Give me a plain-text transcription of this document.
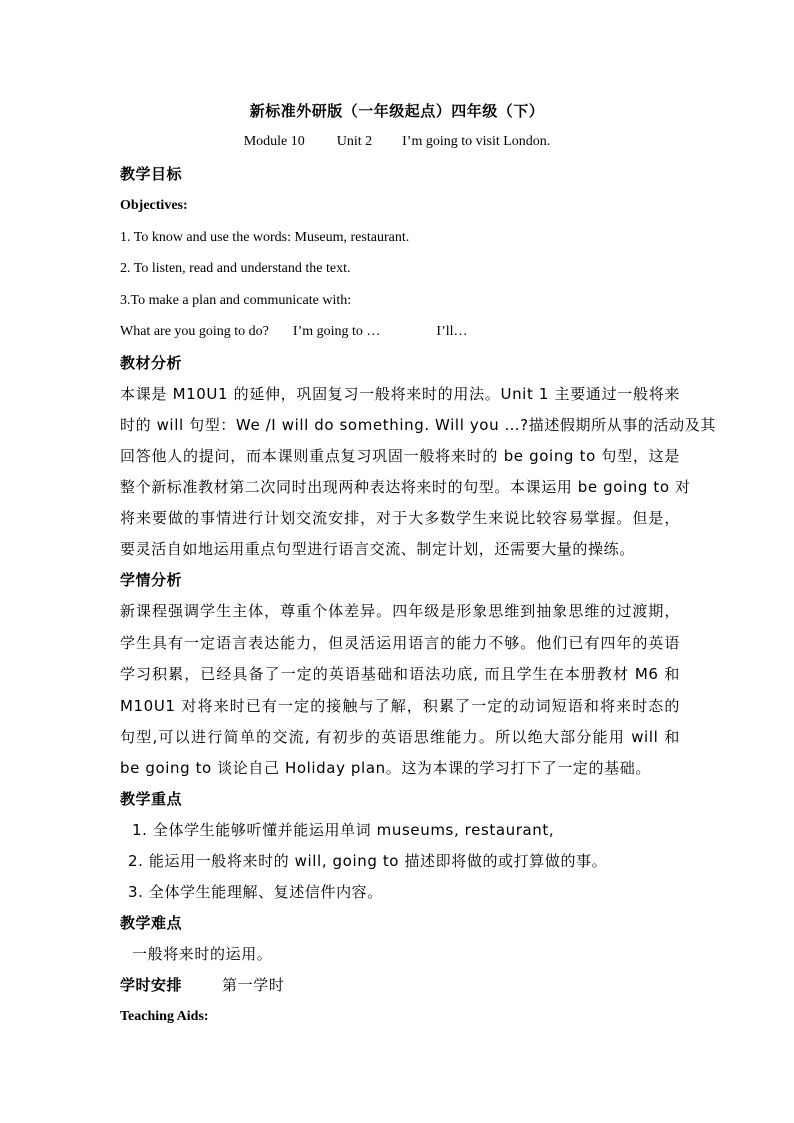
新标准外研版（一年级起点）四年级（下）
Module 10 Unit 2 I’m going to visit London.
教学目标
Objectives:
1. To know and use the words: Museum, restaurant.
2. To listen, read and understand the text.
3.To make a plan and communicate with:
What are you going to do? I’m going to …	I’ll…
教材分析
本课是 M10U1 的延伸，巩固复习一般将来时的用法。Unit 1 主要通过一般将来
时的 will 句型：We /I will do something. Will you …?描述假期所从事的活动及其
回答他人的提问，而本课则重点复习巩固一般将来时的 be going to 句型，这是
整个新标准教材第二次同时出现两种表达将来时的句型。本课运用 be going to 对
将来要做的事情进行计划交流安排，对于大多数学生来说比较容易掌握。但是，
要灵活自如地运用重点句型进行语言交流、制定计划，还需要大量的操练。
学情分析
新课程强调学生主体，尊重个体差异。四年级是形象思维到抽象思维的过渡期，
学生具有一定语言表达能力，但灵活运用语言的能力不够。他们已有四年的英语
学习积累，已经具备了一定的英语基础和语法功底, 而且学生在本册教材 M6 和
M10U1 对将来时已有一定的接触与了解，积累了一定的动词短语和将来时态的
句型,可以进行简单的交流, 有初步的英语思维能力。所以绝大部分能用 will 和
be going to 谈论自己 Holiday plan。这为本课的学习打下了一定的基础。
教学重点
1. 全体学生能够听懂并能运用单词 museums, restaurant,
2. 能运用一般将来时的 will, going to 描述即将做的或打算做的事。
3. 全体学生能理解、复述信件内容。
教学难点
一般将来时的运用。
学时安排	第一学时
Teaching Aids:
